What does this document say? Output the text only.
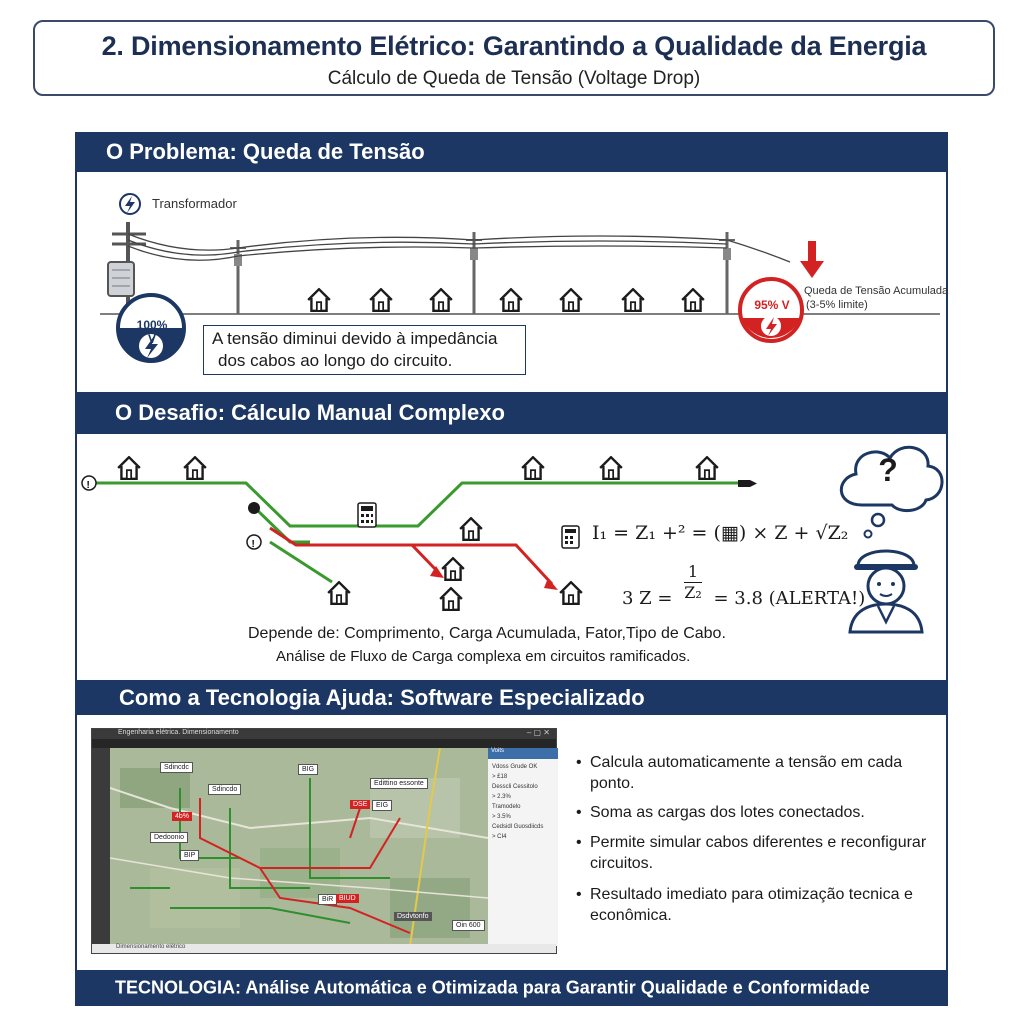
2. Dimensionamento Elétrico: Garantindo a Qualidade da Energia
Cálculo de Queda de Tensão (Voltage Drop)
O Problema: Queda de Tensão
O Desafio: Cálculo Manual Complexo
Como a Tecnologia Ajuda: Software Especializado
TECNOLOGIA: Análise Automática e Otimizada para Garantir Qualidade e Conformidade
Transformador
100% V
95% V
Queda de Tensão Acumulada
(3-5% limite)
A tensão diminui devido à impedância
dos cabos ao longo do circuito.
!
!
I₁ = Z₁ +² = (▦) × Z + √Z₂
3 $Z = \frac{1}{\text{Z₂}} = 3.8$ (ALERTA!)
?
Depende de: Comprimento, Carga Acumulada, Fator,Tipo de Cabo.
Análise de Fluxo de Carga complexa em circuitos ramificados.
Engenharia elétrica. Dimensionamento	– ▢ ✕
Voits
Vdoss Grude OK
> £18
Desscli Cessitolo
> 2.3%
Tramodelo
> 3.5%
Cedsidl Guosdiicds
> CI4
Dimensionamento elétrico
Sdincdc	BIG
Edittino essonte
Sdincdo
DSE	EIG
4b%
BIP
BiR BIUD
Dedoonio
Dsdvtonfo
Oin 600
• Calcula automaticamente a tensão em cada ponto.
• Soma as cargas dos lotes conectados.
• Permite simular cabos diferentes e reconfigurar circuitos.
• Resultado imediato para otimização tecnica e econômica.
